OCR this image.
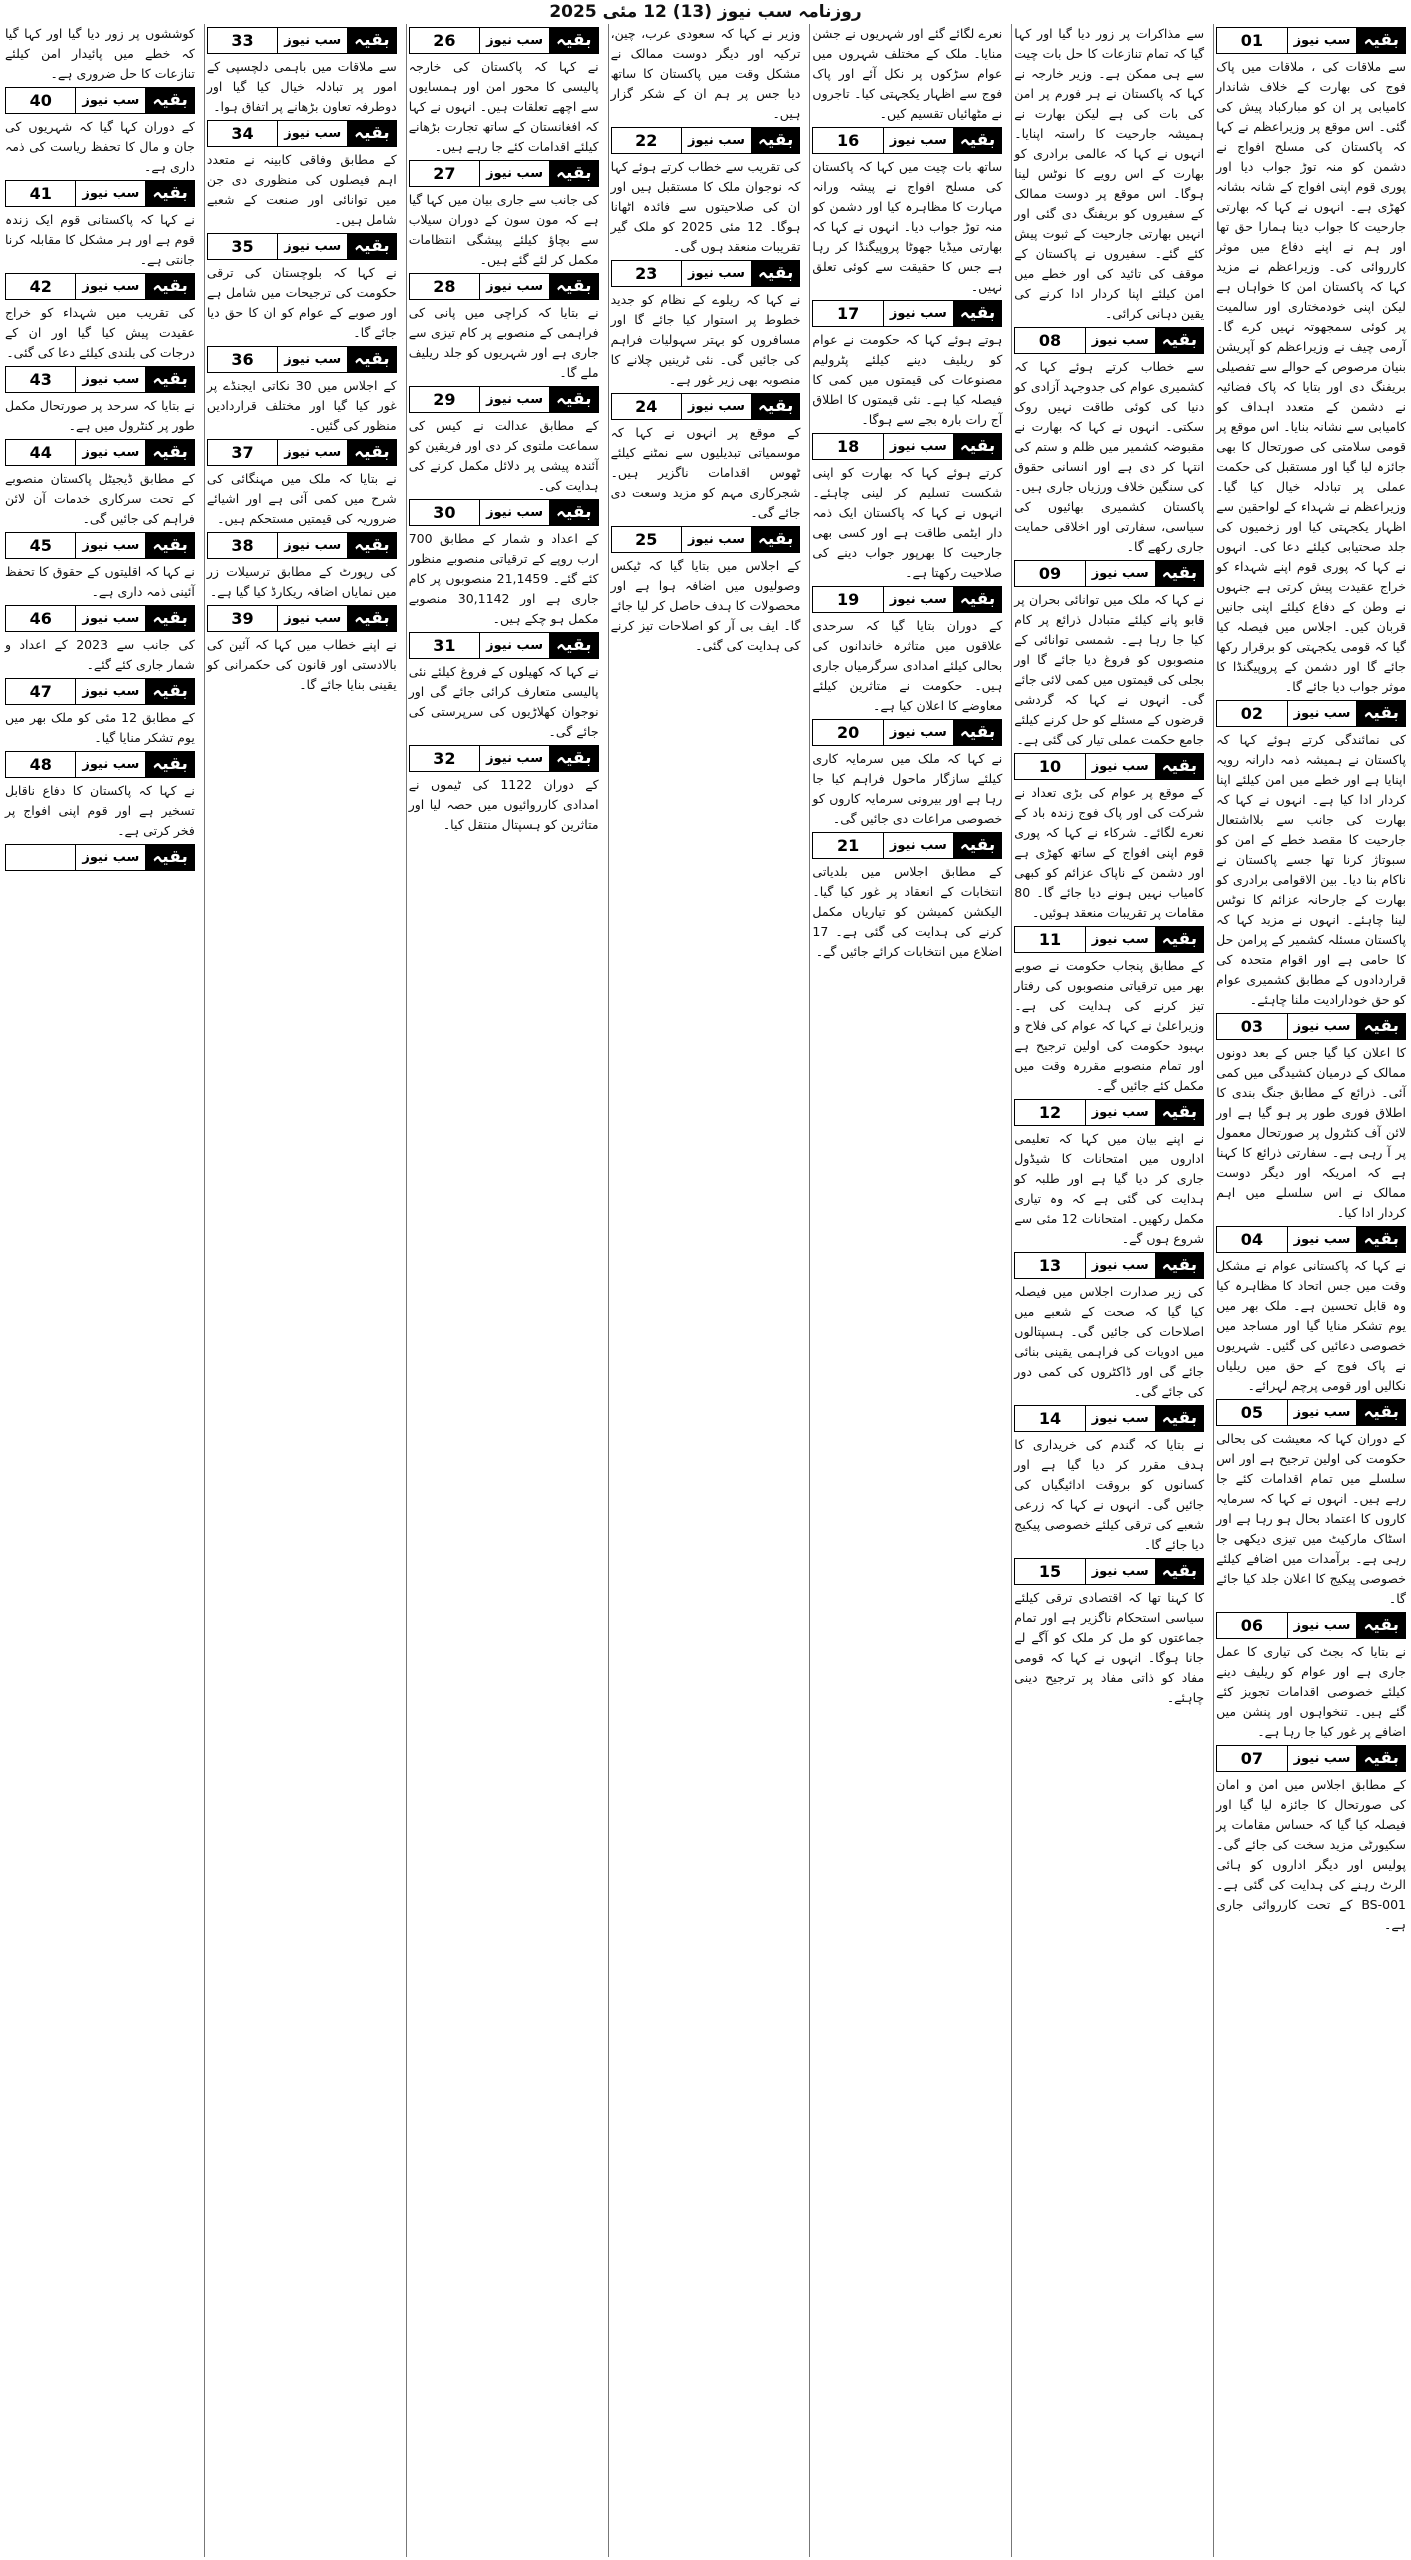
روزنامہ سب نیوز (13) 12 مئی 2025
بقیہ
سب نیوز
01

سے ملاقات کی ، ملاقات میں پاک فوج کی بھارت کے خلاف شاندار کامیابی پر ان کو مبارکباد پیش کی گئی۔ اس موقع پر وزیراعظم نے کہا کہ پاکستان کی مسلح افواج نے دشمن کو منہ توڑ جواب دیا اور پوری قوم اپنی افواج کے شانہ بشانہ کھڑی ہے۔ انہوں نے کہا کہ بھارتی جارحیت کا جواب دینا ہمارا حق تھا اور ہم نے اپنے دفاع میں موثر کارروائی کی۔ وزیراعظم نے مزید کہا کہ پاکستان امن کا خواہاں ہے لیکن اپنی خودمختاری اور سالمیت پر کوئی سمجھوتہ نہیں کرے گا۔ آرمی چیف نے وزیراعظم کو آپریشن بنیان مرصوص کے حوالے سے تفصیلی بریفنگ دی اور بتایا کہ پاک فضائیہ نے دشمن کے متعدد اہداف کو کامیابی سے نشانہ بنایا۔ اس موقع پر قومی سلامتی کی صورتحال کا بھی جائزہ لیا گیا اور مستقبل کی حکمت عملی پر تبادلہ خیال کیا گیا۔ وزیراعظم نے شہداء کے لواحقین سے اظہار یکجہتی کیا اور زخمیوں کی جلد صحتیابی کیلئے دعا کی۔ انہوں نے کہا کہ پوری قوم اپنے شہداء کو خراج عقیدت پیش کرتی ہے جنہوں نے وطن کے دفاع کیلئے اپنی جانیں قربان کیں۔ اجلاس میں فیصلہ کیا گیا کہ قومی یکجہتی کو برقرار رکھا جائے گا اور دشمن کے پروپیگنڈا کا موثر جواب دیا جائے گا۔

بقیہ
سب نیوز
02

کی نمائندگی کرتے ہوئے کہا کہ پاکستان نے ہمیشہ ذمہ دارانہ رویہ اپنایا ہے اور خطے میں امن کیلئے اپنا کردار ادا کیا ہے۔ انہوں نے کہا کہ بھارت کی جانب سے بلااشتعال جارحیت کا مقصد خطے کے امن کو سبوتاژ کرنا تھا جسے پاکستان نے ناکام بنا دیا۔ بین الاقوامی برادری کو بھارت کے جارحانہ عزائم کا نوٹس لینا چاہئے۔ انہوں نے مزید کہا کہ پاکستان مسئلہ کشمیر کے پرامن حل کا حامی ہے اور اقوام متحدہ کی قراردادوں کے مطابق کشمیری عوام کو حق خودارادیت ملنا چاہئے۔

بقیہ
سب نیوز
03

کا اعلان کیا گیا جس کے بعد دونوں ممالک کے درمیان کشیدگی میں کمی آئی۔ ذرائع کے مطابق جنگ بندی کا اطلاق فوری طور پر ہو گیا ہے اور لائن آف کنٹرول پر صورتحال معمول پر آ رہی ہے۔ سفارتی ذرائع کا کہنا ہے کہ امریکہ اور دیگر دوست ممالک نے اس سلسلے میں اہم کردار ادا کیا۔

بقیہ
سب نیوز
04

نے کہا کہ پاکستانی عوام نے مشکل وقت میں جس اتحاد کا مظاہرہ کیا وہ قابل تحسین ہے۔ ملک بھر میں یوم تشکر منایا گیا اور مساجد میں خصوصی دعائیں کی گئیں۔ شہریوں نے پاک فوج کے حق میں ریلیاں نکالیں اور قومی پرچم لہرائے۔

بقیہ
سب نیوز
05

کے دوران کہا کہ معیشت کی بحالی حکومت کی اولین ترجیح ہے اور اس سلسلے میں تمام اقدامات کئے جا رہے ہیں۔ انہوں نے کہا کہ سرمایہ کاروں کا اعتماد بحال ہو رہا ہے اور اسٹاک مارکیٹ میں تیزی دیکھی جا رہی ہے۔ برآمدات میں اضافے کیلئے خصوصی پیکیج کا اعلان جلد کیا جائے گا۔

بقیہ
سب نیوز
06

نے بتایا کہ بجٹ کی تیاری کا عمل جاری ہے اور عوام کو ریلیف دینے کیلئے خصوصی اقدامات تجویز کئے گئے ہیں۔ تنخواہوں اور پنشن میں اضافے پر غور کیا جا رہا ہے۔

بقیہ
سب نیوز
07

کے مطابق اجلاس میں امن و امان کی صورتحال کا جائزہ لیا گیا اور فیصلہ کیا گیا کہ حساس مقامات پر سکیورٹی مزید سخت کی جائے گی۔ پولیس اور دیگر اداروں کو ہائی الرٹ رہنے کی ہدایت کی گئی ہے۔ BS-001 کے تحت کارروائی جاری ہے۔

سے مذاکرات پر زور دیا گیا اور کہا گیا کہ تمام تنازعات کا حل بات چیت سے ہی ممکن ہے۔ وزیر خارجہ نے کہا کہ پاکستان نے ہر فورم پر امن کی بات کی ہے لیکن بھارت نے ہمیشہ جارحیت کا راستہ اپنایا۔ انہوں نے کہا کہ عالمی برادری کو بھارت کے اس رویے کا نوٹس لینا ہوگا۔ اس موقع پر دوست ممالک کے سفیروں کو بریفنگ دی گئی اور انہیں بھارتی جارحیت کے ثبوت پیش کئے گئے۔ سفیروں نے پاکستان کے موقف کی تائید کی اور خطے میں امن کیلئے اپنا کردار ادا کرنے کی یقین دہانی کرائی۔

بقیہ
سب نیوز
08

سے خطاب کرتے ہوئے کہا کہ کشمیری عوام کی جدوجہد آزادی کو دنیا کی کوئی طاقت نہیں روک سکتی۔ انہوں نے کہا کہ بھارت نے مقبوضہ کشمیر میں ظلم و ستم کی انتہا کر دی ہے اور انسانی حقوق کی سنگین خلاف ورزیاں جاری ہیں۔ پاکستان کشمیری بھائیوں کی سیاسی، سفارتی اور اخلاقی حمایت جاری رکھے گا۔

بقیہ
سب نیوز
09

نے کہا کہ ملک میں توانائی بحران پر قابو پانے کیلئے متبادل ذرائع پر کام کیا جا رہا ہے۔ شمسی توانائی کے منصوبوں کو فروغ دیا جائے گا اور بجلی کی قیمتوں میں کمی لائی جائے گی۔ انہوں نے کہا کہ گردشی قرضوں کے مسئلے کو حل کرنے کیلئے جامع حکمت عملی تیار کی گئی ہے۔

بقیہ
سب نیوز
10

کے موقع پر عوام کی بڑی تعداد نے شرکت کی اور پاک فوج زندہ باد کے نعرے لگائے۔ شرکاء نے کہا کہ پوری قوم اپنی افواج کے ساتھ کھڑی ہے اور دشمن کے ناپاک عزائم کو کبھی کامیاب نہیں ہونے دیا جائے گا۔ 80 مقامات پر تقریبات منعقد ہوئیں۔

بقیہ
سب نیوز
11

کے مطابق پنجاب حکومت نے صوبے بھر میں ترقیاتی منصوبوں کی رفتار تیز کرنے کی ہدایت کی ہے۔ وزیراعلیٰ نے کہا کہ عوام کی فلاح و بہبود حکومت کی اولین ترجیح ہے اور تمام منصوبے مقررہ وقت میں مکمل کئے جائیں گے۔

بقیہ
سب نیوز
12

نے اپنے بیان میں کہا کہ تعلیمی اداروں میں امتحانات کا شیڈول جاری کر دیا گیا ہے اور طلبہ کو ہدایت کی گئی ہے کہ وہ تیاری مکمل رکھیں۔ امتحانات 12 مئی سے شروع ہوں گے۔

بقیہ
سب نیوز
13

کی زیر صدارت اجلاس میں فیصلہ کیا گیا کہ صحت کے شعبے میں اصلاحات کی جائیں گی۔ ہسپتالوں میں ادویات کی فراہمی یقینی بنائی جائے گی اور ڈاکٹروں کی کمی دور کی جائے گی۔

بقیہ
سب نیوز
14

نے بتایا کہ گندم کی خریداری کا ہدف مقرر کر دیا گیا ہے اور کسانوں کو بروقت ادائیگیاں کی جائیں گی۔ انہوں نے کہا کہ زرعی شعبے کی ترقی کیلئے خصوصی پیکیج دیا جائے گا۔

بقیہ
سب نیوز
15

کا کہنا تھا کہ اقتصادی ترقی کیلئے سیاسی استحکام ناگزیر ہے اور تمام جماعتوں کو مل کر ملک کو آگے لے جانا ہوگا۔ انہوں نے کہا کہ قومی مفاد کو ذاتی مفاد پر ترجیح دینی چاہئے۔

نعرے لگائے گئے اور شہریوں نے جشن منایا۔ ملک کے مختلف شہروں میں عوام سڑکوں پر نکل آئے اور پاک فوج سے اظہار یکجہتی کیا۔ تاجروں نے مٹھائیاں تقسیم کیں۔

بقیہ
سب نیوز
16

ساتھ بات چیت میں کہا کہ پاکستان کی مسلح افواج نے پیشہ ورانہ مہارت کا مظاہرہ کیا اور دشمن کو منہ توڑ جواب دیا۔ انہوں نے کہا کہ بھارتی میڈیا جھوٹا پروپیگنڈا کر رہا ہے جس کا حقیقت سے کوئی تعلق نہیں۔

بقیہ
سب نیوز
17

ہوتے ہوئے کہا کہ حکومت نے عوام کو ریلیف دینے کیلئے پٹرولیم مصنوعات کی قیمتوں میں کمی کا فیصلہ کیا ہے۔ نئی قیمتوں کا اطلاق آج رات بارہ بجے سے ہوگا۔

بقیہ
سب نیوز
18

کرتے ہوئے کہا کہ بھارت کو اپنی شکست تسلیم کر لینی چاہئے۔ انہوں نے کہا کہ پاکستان ایک ذمہ دار ایٹمی طاقت ہے اور کسی بھی جارحیت کا بھرپور جواب دینے کی صلاحیت رکھتا ہے۔

بقیہ
سب نیوز
19

کے دوران بتایا گیا کہ سرحدی علاقوں میں متاثرہ خاندانوں کی بحالی کیلئے امدادی سرگرمیاں جاری ہیں۔ حکومت نے متاثرین کیلئے معاوضے کا اعلان کیا ہے۔

بقیہ
سب نیوز
20

نے کہا کہ ملک میں سرمایہ کاری کیلئے سازگار ماحول فراہم کیا جا رہا ہے اور بیرونی سرمایہ کاروں کو خصوصی مراعات دی جائیں گی۔

بقیہ
سب نیوز
21

کے مطابق اجلاس میں بلدیاتی انتخابات کے انعقاد پر غور کیا گیا۔ الیکشن کمیشن کو تیاریاں مکمل کرنے کی ہدایت کی گئی ہے۔ 17 اضلاع میں انتخابات کرائے جائیں گے۔

وزیر نے کہا کہ سعودی عرب، چین، ترکیہ اور دیگر دوست ممالک نے مشکل وقت میں پاکستان کا ساتھ دیا جس پر ہم ان کے شکر گزار ہیں۔

بقیہ
سب نیوز
22

کی تقریب سے خطاب کرتے ہوئے کہا کہ نوجوان ملک کا مستقبل ہیں اور ان کی صلاحیتوں سے فائدہ اٹھانا ہوگا۔ 12 مئی 2025 کو ملک گیر تقریبات منعقد ہوں گی۔

بقیہ
سب نیوز
23

نے کہا کہ ریلوے کے نظام کو جدید خطوط پر استوار کیا جائے گا اور مسافروں کو بہتر سہولیات فراہم کی جائیں گی۔ نئی ٹرینیں چلانے کا منصوبہ بھی زیر غور ہے۔

بقیہ
سب نیوز
24

کے موقع پر انہوں نے کہا کہ موسمیاتی تبدیلیوں سے نمٹنے کیلئے ٹھوس اقدامات ناگزیر ہیں۔ شجرکاری مہم کو مزید وسعت دی جائے گی۔

بقیہ
سب نیوز
25

کے اجلاس میں بتایا گیا کہ ٹیکس وصولیوں میں اضافہ ہوا ہے اور محصولات کا ہدف حاصل کر لیا جائے گا۔ ایف بی آر کو اصلاحات تیز کرنے کی ہدایت کی گئی۔

بقیہ
سب نیوز
26

نے کہا کہ پاکستان کی خارجہ پالیسی کا محور امن اور ہمسایوں سے اچھے تعلقات ہیں۔ انہوں نے کہا کہ افغانستان کے ساتھ تجارت بڑھانے کیلئے اقدامات کئے جا رہے ہیں۔

بقیہ
سب نیوز
27

کی جانب سے جاری بیان میں کہا گیا ہے کہ مون سون کے دوران سیلاب سے بچاؤ کیلئے پیشگی انتظامات مکمل کر لئے گئے ہیں۔

بقیہ
سب نیوز
28

نے بتایا کہ کراچی میں پانی کی فراہمی کے منصوبے پر کام تیزی سے جاری ہے اور شہریوں کو جلد ریلیف ملے گا۔

بقیہ
سب نیوز
29

کے مطابق عدالت نے کیس کی سماعت ملتوی کر دی اور فریقین کو آئندہ پیشی پر دلائل مکمل کرنے کی ہدایت کی۔

بقیہ
سب نیوز
30

کے اعداد و شمار کے مطابق 700 ارب روپے کے ترقیاتی منصوبے منظور کئے گئے۔ 21,1459 منصوبوں پر کام جاری ہے اور 30,1142 منصوبے مکمل ہو چکے ہیں۔

بقیہ
سب نیوز
31

نے کہا کہ کھیلوں کے فروغ کیلئے نئی پالیسی متعارف کرائی جائے گی اور نوجوان کھلاڑیوں کی سرپرستی کی جائے گی۔

بقیہ
سب نیوز
32

کے دوران 1122 کی ٹیموں نے امدادی کارروائیوں میں حصہ لیا اور متاثرین کو ہسپتال منتقل کیا۔

بقیہ
سب نیوز
33

سے ملاقات میں باہمی دلچسپی کے امور پر تبادلہ خیال کیا گیا اور دوطرفہ تعاون بڑھانے پر اتفاق ہوا۔

بقیہ
سب نیوز
34

کے مطابق وفاقی کابینہ نے متعدد اہم فیصلوں کی منظوری دی جن میں توانائی اور صنعت کے شعبے شامل ہیں۔

بقیہ
سب نیوز
35

نے کہا کہ بلوچستان کی ترقی حکومت کی ترجیحات میں شامل ہے اور صوبے کے عوام کو ان کا حق دیا جائے گا۔

بقیہ
سب نیوز
36

کے اجلاس میں 30 نکاتی ایجنڈے پر غور کیا گیا اور مختلف قراردادیں منظور کی گئیں۔

بقیہ
سب نیوز
37

نے بتایا کہ ملک میں مہنگائی کی شرح میں کمی آئی ہے اور اشیائے ضروریہ کی قیمتیں مستحکم ہیں۔

بقیہ
سب نیوز
38

کی رپورٹ کے مطابق ترسیلات زر میں نمایاں اضافہ ریکارڈ کیا گیا ہے۔

بقیہ
سب نیوز
39

نے اپنے خطاب میں کہا کہ آئین کی بالادستی اور قانون کی حکمرانی کو یقینی بنایا جائے گا۔

کوششوں پر زور دیا گیا اور کہا گیا کہ خطے میں پائیدار امن کیلئے تنازعات کا حل ضروری ہے۔

بقیہ
سب نیوز
40

کے دوران کہا گیا کہ شہریوں کی جان و مال کا تحفظ ریاست کی ذمہ داری ہے۔

بقیہ
سب نیوز
41

نے کہا کہ پاکستانی قوم ایک زندہ قوم ہے اور ہر مشکل کا مقابلہ کرنا جانتی ہے۔

بقیہ
سب نیوز
42

کی تقریب میں شہداء کو خراج عقیدت پیش کیا گیا اور ان کے درجات کی بلندی کیلئے دعا کی گئی۔

بقیہ
سب نیوز
43

نے بتایا کہ سرحد پر صورتحال مکمل طور پر کنٹرول میں ہے۔

بقیہ
سب نیوز
44

کے مطابق ڈیجیٹل پاکستان منصوبے کے تحت سرکاری خدمات آن لائن فراہم کی جائیں گی۔

بقیہ
سب نیوز
45

نے کہا کہ اقلیتوں کے حقوق کا تحفظ آئینی ذمہ داری ہے۔

بقیہ
سب نیوز
46

کی جانب سے 2023 کے اعداد و شمار جاری کئے گئے۔

بقیہ
سب نیوز
47

کے مطابق 12 مئی کو ملک بھر میں یوم تشکر منایا گیا۔

بقیہ
سب نیوز
48

نے کہا کہ پاکستان کا دفاع ناقابل تسخیر ہے اور قوم اپنی افواج پر فخر کرتی ہے۔

بقیہ
سب نیوز
